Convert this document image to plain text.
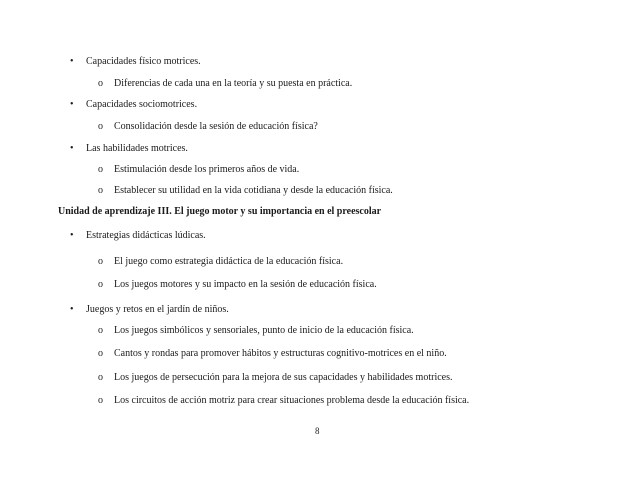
• Capacidades físico motrices.
o Diferencias de cada una en la teoría y su puesta en práctica.
• Capacidades sociomotrices.
o Consolidación desde la sesión de educación física?
• Las habilidades motrices.
o Estimulación desde los primeros años de vida.
o Establecer su utilidad en la vida cotidiana y desde la educación física.
Unidad de aprendizaje III. El juego motor y su importancia en el preescolar
• Estrategias didácticas lúdicas.
o El juego como estrategia didáctica de la educación física.
o Los juegos motores y su impacto en la sesión de educación física.
• Juegos y retos en el jardín de niños.
o Los juegos simbólicos y sensoriales, punto de inicio de la educación física.
o Cantos y rondas para promover hábitos y estructuras cognitivo-motrices en el niño.
o Los juegos de persecución para la mejora de sus capacidades y habilidades motrices.
o Los circuitos de acción motriz para crear situaciones problema desde la educación física.
8
